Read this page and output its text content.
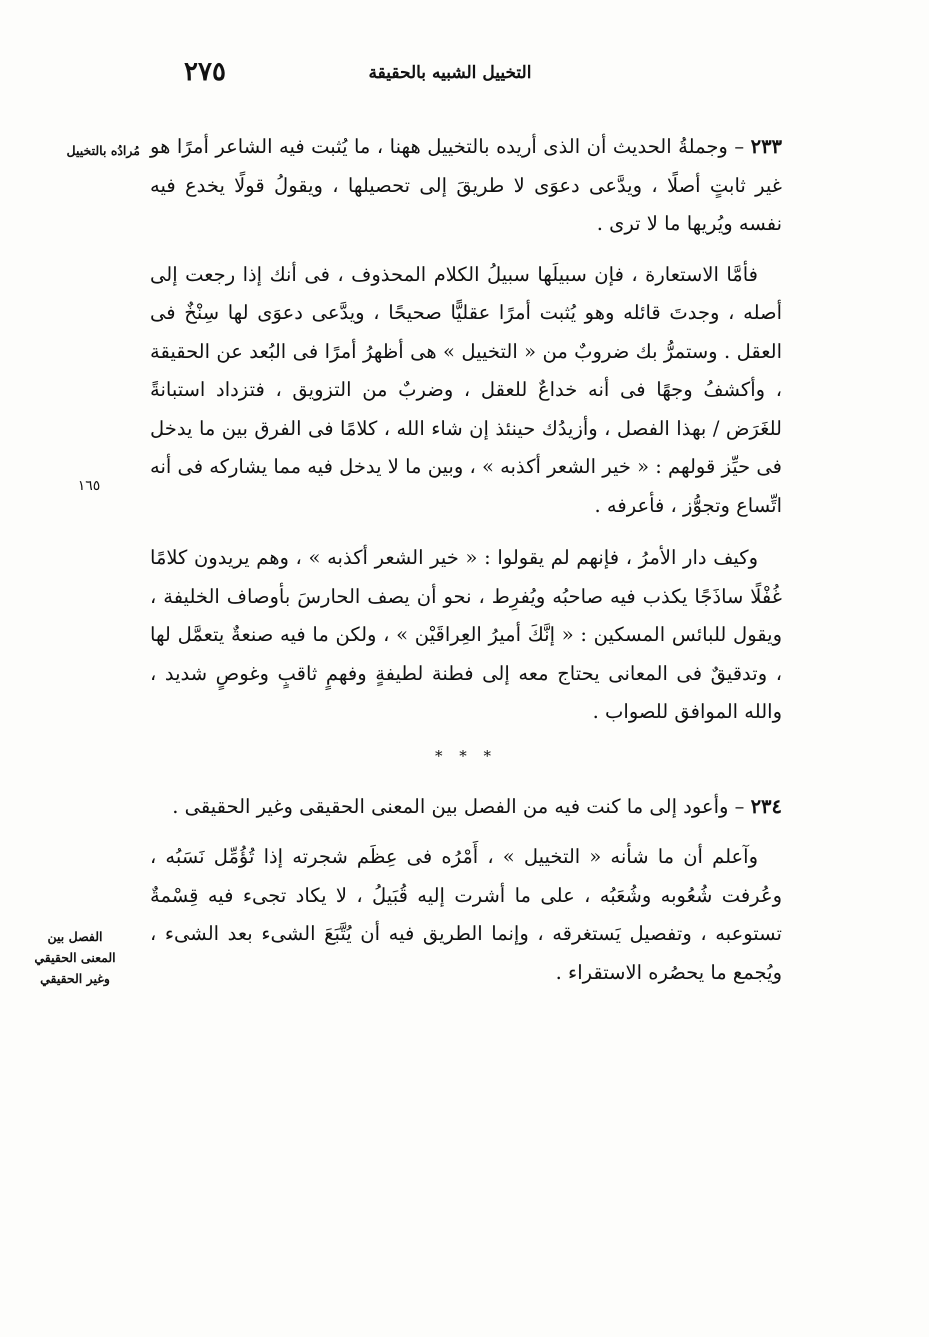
٢٧٥	التخييل الشبيه بالحقيقة
مُرادُه بالتخييل
١٦٥
الفصل بين المعنى الحقيقي وغير الحقيقي

٢٣٣ – وجملةُ الحديث أن الذى أريده بالتخييل ههنا ، ما يُثبت فيه الشاعر أمرًا هو غير ثابتٍ أصلًا ، ويدَّعى دعوَى لا طريقَ إلى تحصيلها ، ويقولُ قولًا يخدع فيه نفسه ويُريها ما لا ترى .

فأمَّا الاستعارة ، فإن سبيلَها سبيلُ الكلام المحذوف ، فى أنك إذا رجعت إلى أصله ، وجدتَ قائله وهو يُثبت أمرًا عقليًّا صحيحًا ، ويدَّعى دعوَى لها سِنْخٌ فى العقل . وستمرُّ بك ضروبٌ من « التخييل » هى أظهرُ أمرًا فى البُعد عن الحقيقة ، وأكشفُ وجهًا فى أنه خداعٌ للعقل ، وضربٌ من التزويق ، فتزداد استبانةً للغَرَض / بهذا الفصل ، وأزيدُك حينئذ إن شاء الله ، كلامًا فى الفرق بين ما يدخل فى حيِّز قولهم : « خير الشعر أكذبه » ، وبين ما لا يدخل فيه مما يشاركه فى أنه اتِّساع وتجوُّز ، فأعرفه .

وكيف دار الأمرُ ، فإنهم لم يقولوا : « خير الشعر أكذبه » ، وهم يريدون كلامًا غُفْلًا ساذَجًا يكذب فيه صاحبُه ويُفرِط ، نحو أن يصف الحارسَ بأوصاف الخليفة ، ويقول للبائس المسكين : « إنَّكَ أميرُ العِراقَيْن » ، ولكن ما فيه صنعةٌ يتعمَّل لها ، وتدقيقٌ فى المعانى يحتاج معه إلى فطنة لطيفةٍ وفهمٍ ثاقبٍ وغوصٍ شديد ، والله الموافق للصواب .

* * *

٢٣٤ – وأعود إلى ما كنت فيه من الفصل بين المعنى الحقيقى وغير الحقيقى .

وآعلم أن ما شأنه « التخييل » ، أَمْرُه فى عِظَم شجرته إذا تُؤُمِّل نَسَبُه ، وعُرفت شُعُوبه وشُعَبُه ، على ما أشرت إليه قُبَيلُ ، لا يكاد تجىء فيه قِسْمةٌ تستوعبه ، وتفصيل يَستغرقه ، وإنما الطريق فيه أن يُتَّبَعَ الشىء بعد الشىء ، ويُجمع ما يحصُره الاستقراء .
